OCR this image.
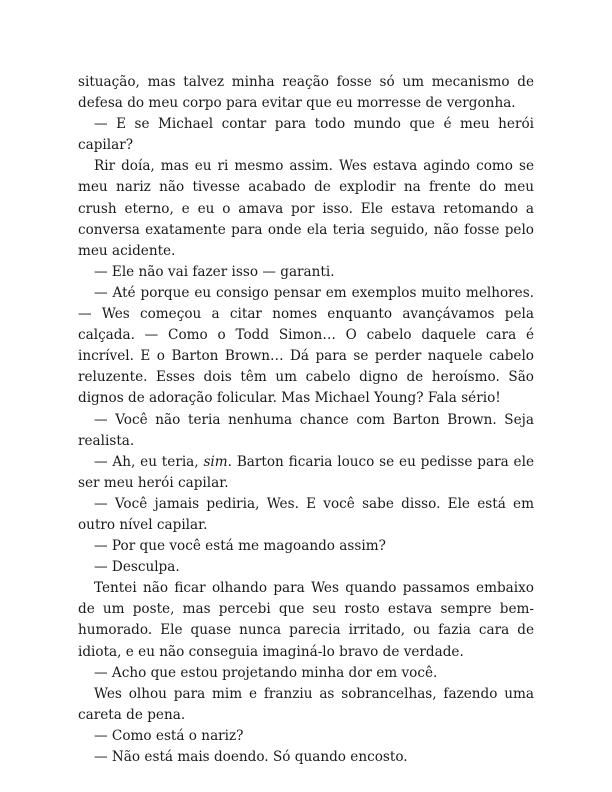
situação, mas talvez minha reação fosse só um mecanismo de defesa do meu corpo para evitar que eu morresse de vergonha.

— E se Michael contar para todo mundo que é meu herói capilar?

Rir doía, mas eu ri mesmo assim. Wes estava agindo como se meu nariz não tivesse acabado de explodir na frente do meu crush eterno, e eu o amava por isso. Ele estava retomando a conversa exatamente para onde ela teria seguido, não fosse pelo meu acidente.

— Ele não vai fazer isso — garanti.

— Até porque eu consigo pensar em exemplos muito melhores. — Wes começou a citar nomes enquanto avançávamos pela calçada. — Como o Todd Simon… O cabelo daquele cara é incrível. E o Barton Brown… Dá para se perder naquele cabelo reluzente. Esses dois têm um cabelo digno de heroísmo. São dignos de adoração folicular. Mas Michael Young? Fala sério!

— Você não teria nenhuma chance com Barton Brown. Seja realista.

— Ah, eu teria, sim. Barton ficaria louco se eu pedisse para ele ser meu herói capilar.

— Você jamais pediria, Wes. E você sabe disso. Ele está em outro nível capilar.

— Por que você está me magoando assim?

— Desculpa.

Tentei não ficar olhando para Wes quando passamos embaixo de um poste, mas percebi que seu rosto estava sempre bem-humorado. Ele quase nunca parecia irritado, ou fazia cara de idiota, e eu não conseguia imaginá-lo bravo de verdade.

— Acho que estou projetando minha dor em você.

Wes olhou para mim e franziu as sobrancelhas, fazendo uma careta de pena.

— Como está o nariz?

— Não está mais doendo. Só quando encosto.
